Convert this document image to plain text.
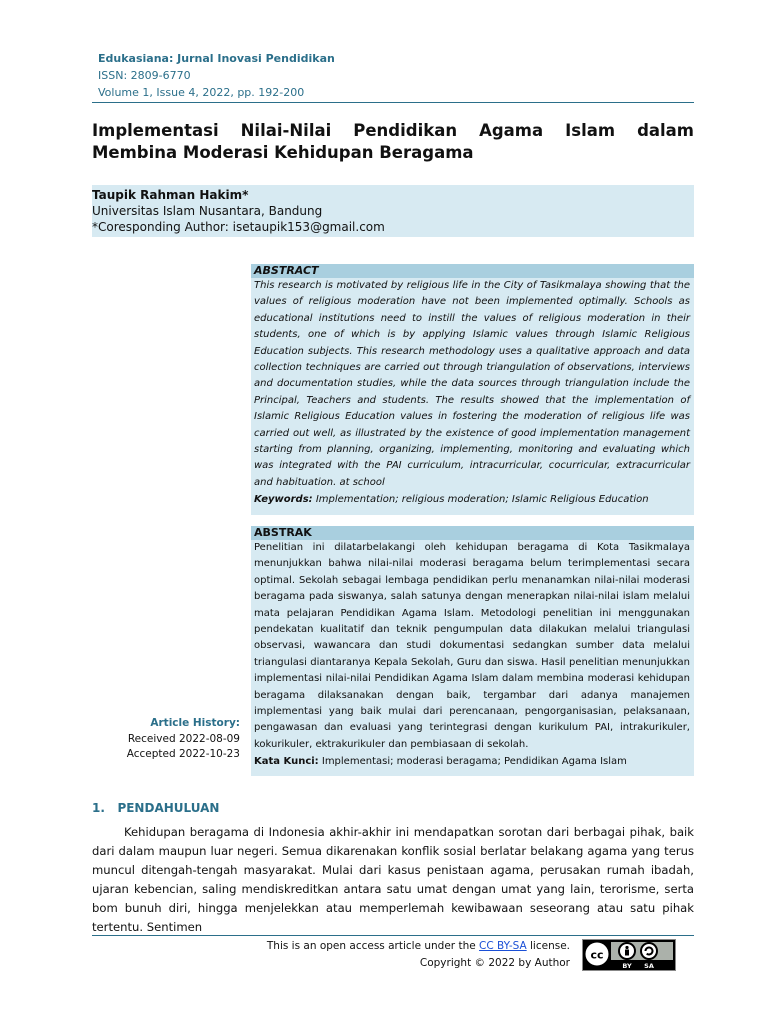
Edukasiana: Jurnal Inovasi Pendidikan
ISSN: 2809-6770
Volume 1, Issue 4, 2022, pp. 192-200
Implementasi Nilai-Nilai Pendidikan Agama Islam dalam Membina Moderasi Kehidupan Beragama
Taupik Rahman Hakim*
Universitas Islam Nusantara, Bandung
*Coresponding Author: isetaupik153@gmail.com
ABSTRACT
This research is motivated by religious life in the City of Tasikmalaya showing that the values of religious moderation have not been implemented optimally. Schools as educational institutions need to instill the values of religious moderation in their students, one of which is by applying Islamic values through Islamic Religious Education subjects. This research methodology uses a qualitative approach and data collection techniques are carried out through triangulation of observations, interviews and documentation studies, while the data sources through triangulation include the Principal, Teachers and students. The results showed that the implementation of Islamic Religious Education values in fostering the moderation of religious life was carried out well, as illustrated by the existence of good implementation management starting from planning, organizing, implementing, monitoring and evaluating which was integrated with the PAI curriculum, intracurricular, cocurricular, extracurricular and habituation. at school
Keywords: Implementation; religious moderation; Islamic Religious Education
ABSTRAK
Penelitian ini dilatarbelakangi oleh kehidupan beragama di Kota Tasikmalaya menunjukkan bahwa nilai-nilai moderasi beragama belum terimplementasi secara optimal. Sekolah sebagai lembaga pendidikan perlu menanamkan nilai-nilai moderasi beragama pada siswanya, salah satunya dengan menerapkan nilai-nilai islam melalui mata pelajaran Pendidikan Agama Islam. Metodologi penelitian ini menggunakan pendekatan kualitatif dan teknik pengumpulan data dilakukan melalui triangulasi observasi, wawancara dan studi dokumentasi sedangkan sumber data melalui triangulasi diantaranya Kepala Sekolah, Guru dan siswa. Hasil penelitian menunjukkan implementasi nilai-nilai Pendidikan Agama Islam dalam membina moderasi kehidupan beragama dilaksanakan dengan baik, tergambar dari adanya manajemen implementasi yang baik mulai dari perencanaan, pengorganisasian, pelaksanaan, pengawasan dan evaluasi yang terintegrasi dengan kurikulum PAI, intrakurikuler, kokurikuler, ektrakurikuler dan pembiasaan di sekolah.
Kata Kunci: Implementasi; moderasi beragama; Pendidikan Agama Islam
Article History:
Received 2022-08-09
Accepted 2022-10-23
1.   PENDAHULUAN

Kehidupan beragama di Indonesia akhir-akhir ini mendapatkan sorotan dari berbagai pihak, baik dari dalam maupun luar negeri. Semua dikarenakan konflik sosial berlatar belakang agama yang terus muncul ditengah-tengah masyarakat. Mulai dari kasus penistaan agama, perusakan rumah ibadah, ujaran kebencian, saling mendiskreditkan antara satu umat dengan umat yang lain, terorisme, serta bom bunuh diri, hingga menjelekkan atau memperlemah kewibawaan seseorang atau satu pihak tertentu. Sentimen

This is an open access article under the CC BY-SA license.
Copyright © 2022 by Author
cc
BY SA
